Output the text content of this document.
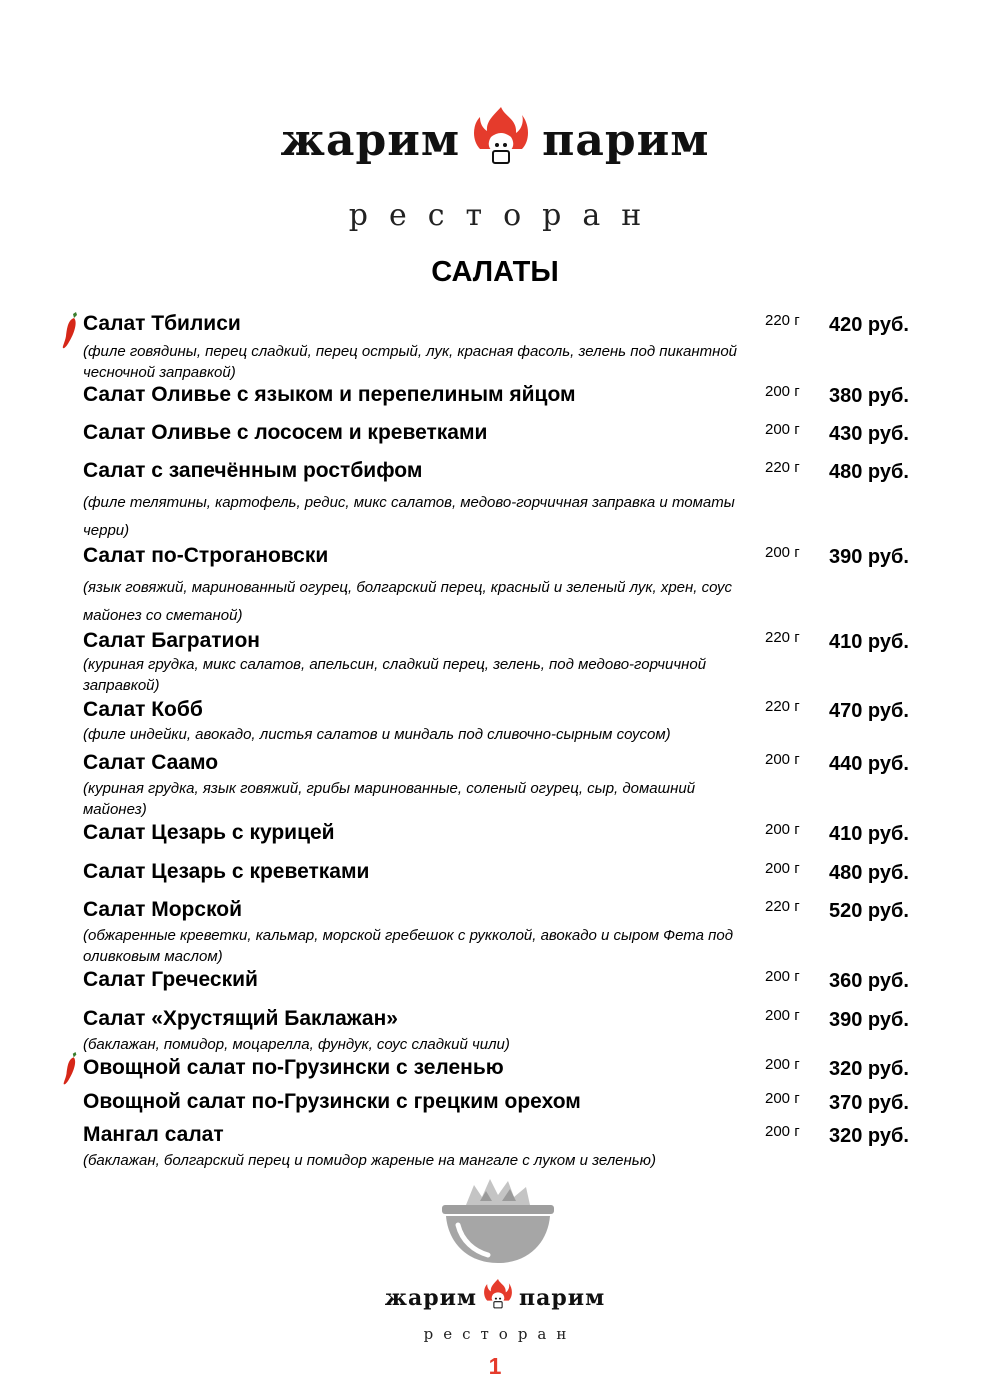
жарим парим
ресторан
САЛАТЫ
Салат Тбилиси	220 г 420 руб.
(филе говядины, перец сладкий, перец острый, лук, красная фасоль, зелень под пикантной чесночной заправкой)
Салат Оливье с языком и перепелиным яйцом	200 г 380 руб.
Салат Оливье с лососем и креветками	200 г 430 руб.
Салат с запечённым ростбифом	220 г 480 руб.
(филе телятины, картофель, редис, микс салатов, медово-горчичная заправка и томаты черри)
Салат по-Строгановски	200 г 390 руб.
(язык говяжий, маринованный огурец, болгарский перец, красный и зеленый лук, хрен, соус майонез со сметаной)
Салат Багратион	220 г 410 руб.
(куриная грудка, микс салатов, апельсин, сладкий перец, зелень, под медово-горчичной заправкой)
Салат Кобб	220 г 470 руб.
(филе индейки, авокадо, листья салатов и миндаль под сливочно-сырным соусом)
Салат Саамо	200 г 440 руб.
(куриная грудка, язык говяжий, грибы маринованные, соленый огурец, сыр, домашний майонез)
Салат Цезарь с курицей	200 г 410 руб.
Салат Цезарь с креветками	200 г 480 руб.
Салат Морской	220 г 520 руб.
(обжаренные креветки, кальмар, морской гребешок с рукколой, авокадо и сыром Фета под оливковым маслом)
Салат Греческий	200 г 360 руб.
Салат «Хрустящий Баклажан»	200 г 390 руб.
(баклажан, помидор, моцарелла, фундук, соус сладкий чили)
Овощной салат по-Грузински с зеленью	200 г 320 руб.
Овощной салат по-Грузински с грецким орехом	200 г 370 руб.
Мангал салат	200 г 320 руб.
(баклажан, болгарский перец и помидор жареные на мангале с луком и зеленью)
жарим парим
ресторан
1
